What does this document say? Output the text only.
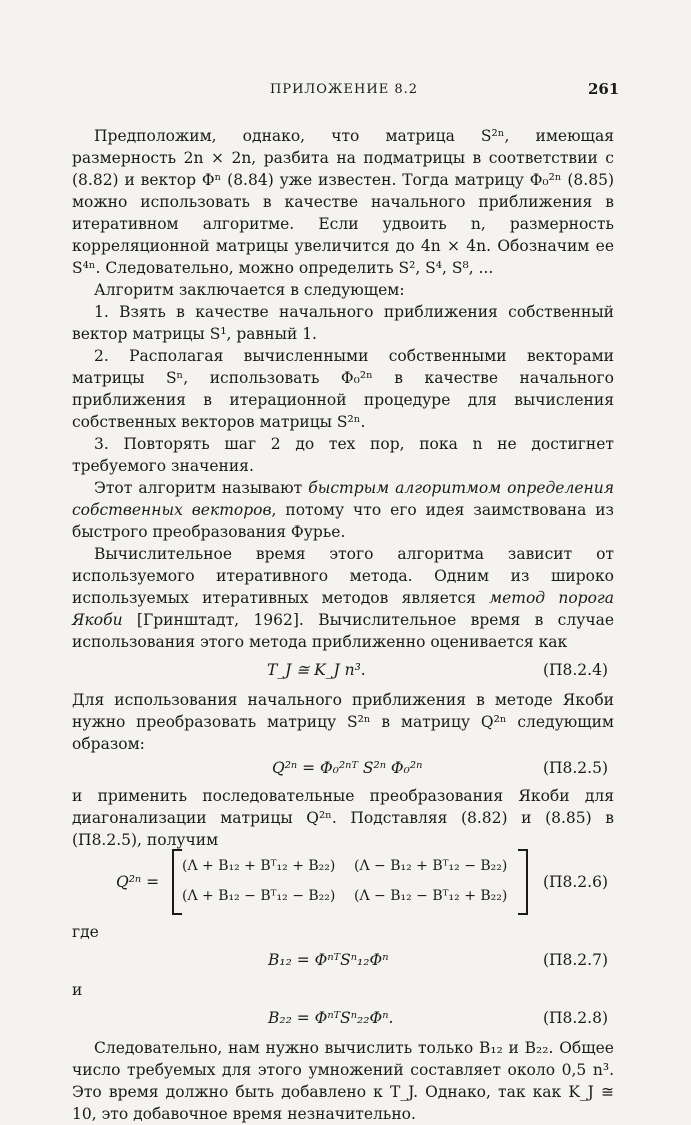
ПРИЛОЖЕНИЕ 8.2	261

Предположим, однако, что матрица S²ⁿ, имеющая размерность 2n × 2n, разбита на подматрицы в соответствии с (8.82) и вектор Φⁿ (8.84) уже известен. Тогда матрицу Φ₀²ⁿ (8.85) можно использовать в качестве начального приближения в итеративном алгоритме. Если удвоить n, размерность корреляционной матрицы увеличится до 4n × 4n. Обозначим ее S⁴ⁿ. Следовательно, можно определить S², S⁴, S⁸, ...

Алгоритм заключается в следующем:

1. Взять в качестве начального приближения собственный вектор матрицы S¹, равный 1.

2. Располагая вычисленными собственными векторами матрицы Sⁿ, использовать Φ₀²ⁿ в качестве начального приближения в итерационной процедуре для вычисления собственных векторов матрицы S²ⁿ.

3. Повторять шаг 2 до тех пор, пока n не достигнет требуемого значения.

Этот алгоритм называют быстрым алгоритмом определения собственных векторов, потому что его идея заимствована из быстрого преобразования Фурье.

Вычислительное время этого алгоритма зависит от используемого итеративного метода. Одним из широко используемых итеративных методов является метод порога Якоби [Гринштадт, 1962]. Вычислительное время в случае использования этого метода приближенно оценивается как

T_J ≅ K_J n³.	(П8.2.4)

Для использования начального приближения в методе Якоби нужно преобразовать матрицу S²ⁿ в матрицу Q²ⁿ следующим образом:

Q²ⁿ = Φ₀²ⁿᵀ S²ⁿ Φ₀²ⁿ	(П8.2.5)

и применить последовательные преобразования Якоби для диагонализации матрицы Q²ⁿ. Подставляя (8.82) и (8.85) в (П8.2.5), получим

Q²ⁿ =
(Λ + B₁₂ + Bᵀ₁₂ + B₂₂) (Λ − B₁₂ + Bᵀ₁₂ − B₂₂)
(Λ + B₁₂ − Bᵀ₁₂ − B₂₂) (Λ − B₁₂ − Bᵀ₁₂ + B₂₂)
(П8.2.6)

где

B₁₂ = ΦⁿᵀSⁿ₁₂Φⁿ	(П8.2.7)

и

B₂₂ = ΦⁿᵀSⁿ₂₂Φⁿ.	(П8.2.8)

Следовательно, нам нужно вычислить только B₁₂ и B₂₂. Общее число требуемых для этого умножений составляет около 0,5 n³. Это время должно быть добавлено к T_J. Однако, так как K_J ≅ 10, это добавочное время незначительно.
